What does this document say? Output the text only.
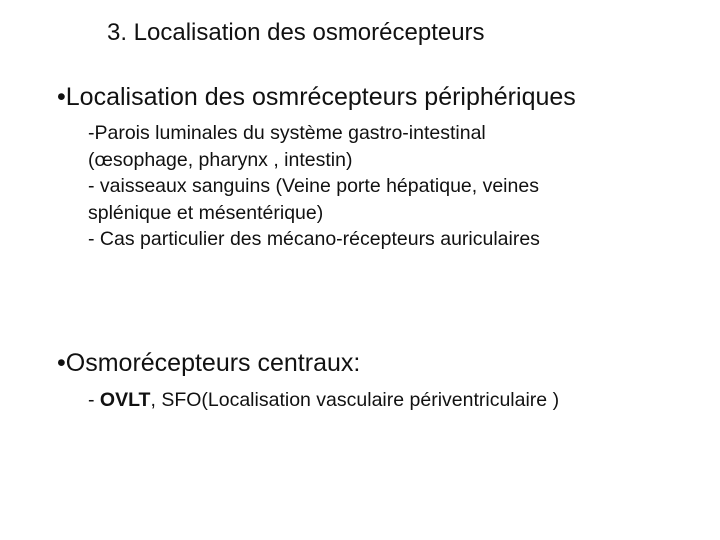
3. Localisation des osmorécepteurs
•Localisation des osmrécepteurs périphériques
-Parois luminales du système gastro-intestinal
(œsophage, pharynx , intestin)
- vaisseaux sanguins (Veine porte hépatique, veines
splénique et mésentérique)
- Cas particulier des mécano-récepteurs auriculaires
•Osmorécepteurs centraux:
- OVLT, SFO(Localisation vasculaire périventriculaire )
